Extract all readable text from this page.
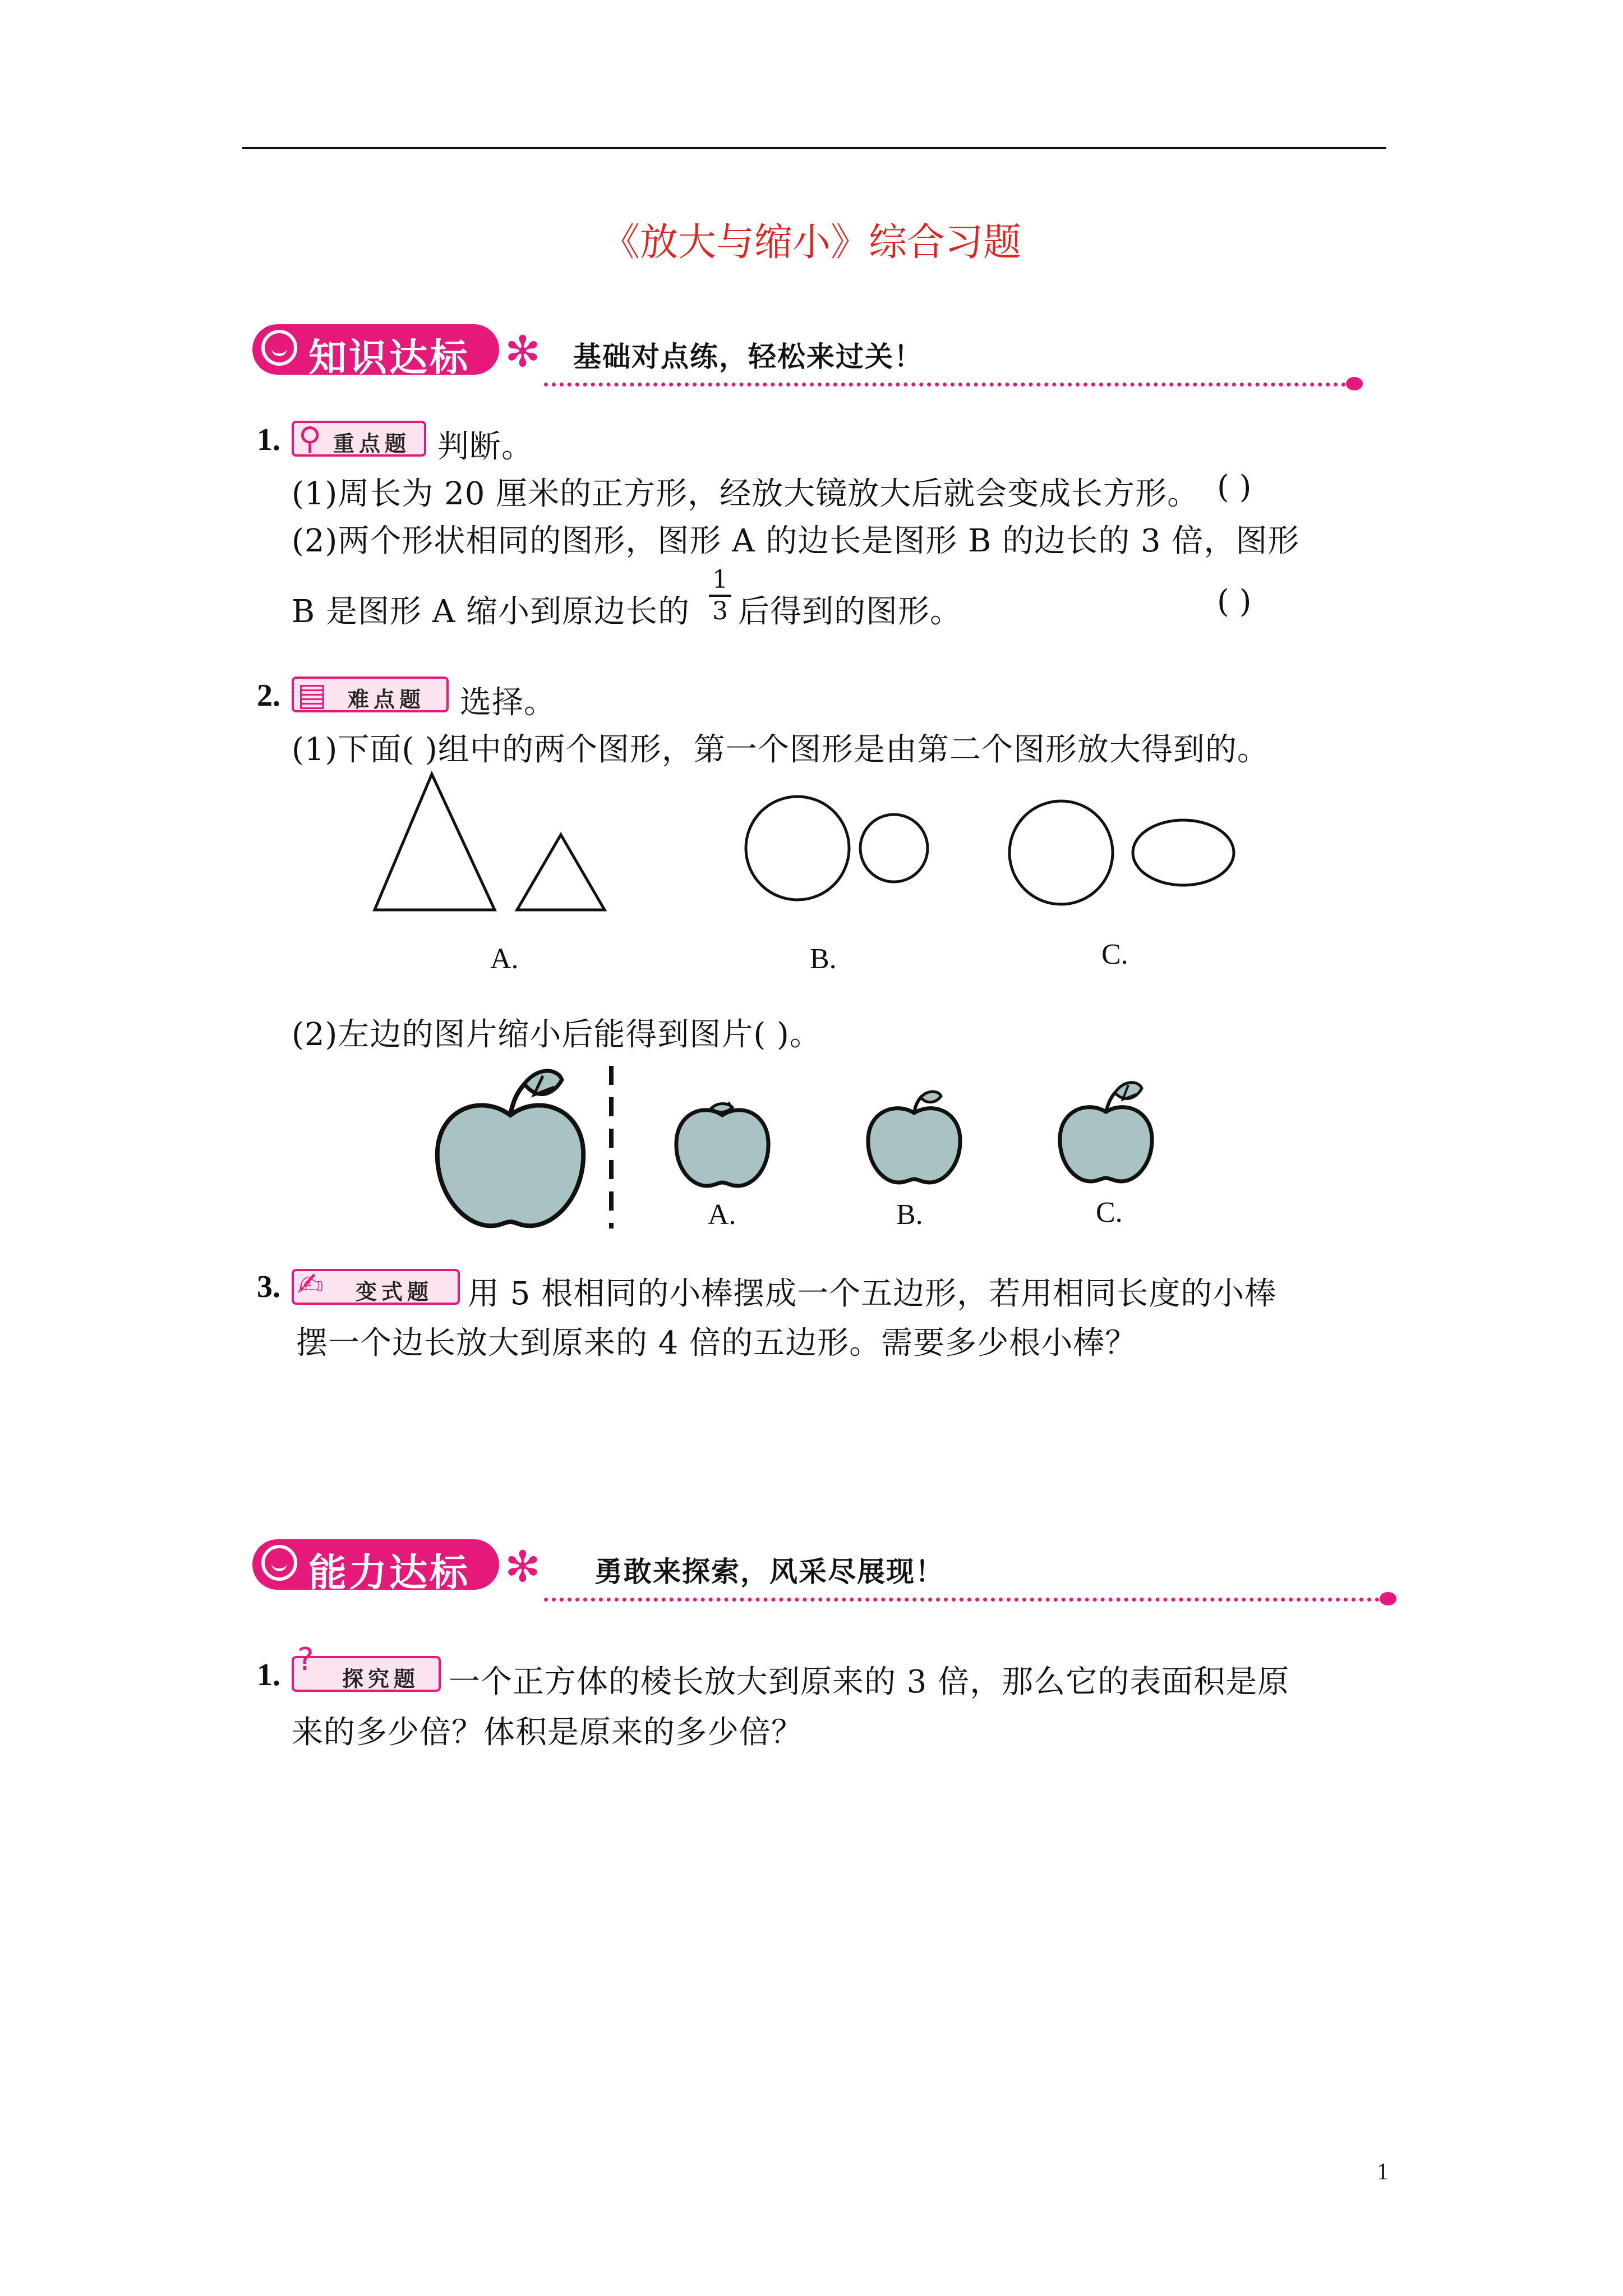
《放大与缩小》综合习题
知识达标 ✻ 基础对点练，轻松来过关！
1. ⚲ 重点题 判断。
(1)周长为 20 厘米的正方形，经放大镜放大后就会变成长方形。 ( )
(2)两个形状相同的图形，图形 A 的边长是图形 B 的边长的 3 倍，图形
B 是图形 A 缩小到原边长的
1
3 后得到的图形。	( )
2. ▤ 难点题 选择。
(1)下面( )组中的两个图形，第一个图形是由第二个图形放大得到的。
A.	B.	C.
(2)左边的图片缩小后能得到图片( )。
A.	B.	C.
3. ✍ 变式题 用 5 根相同的小棒摆成一个五边形，若用相同长度的小棒
摆一个边长放大到原来的 4 倍的五边形。需要多少根小棒？
能力达标 ✻ 勇敢来探索，风采尽展现！
1. ?
探究题 一个正方体的棱长放大到原来的 3 倍，那么它的表面积是原
来的多少倍？体积是原来的多少倍？
1
